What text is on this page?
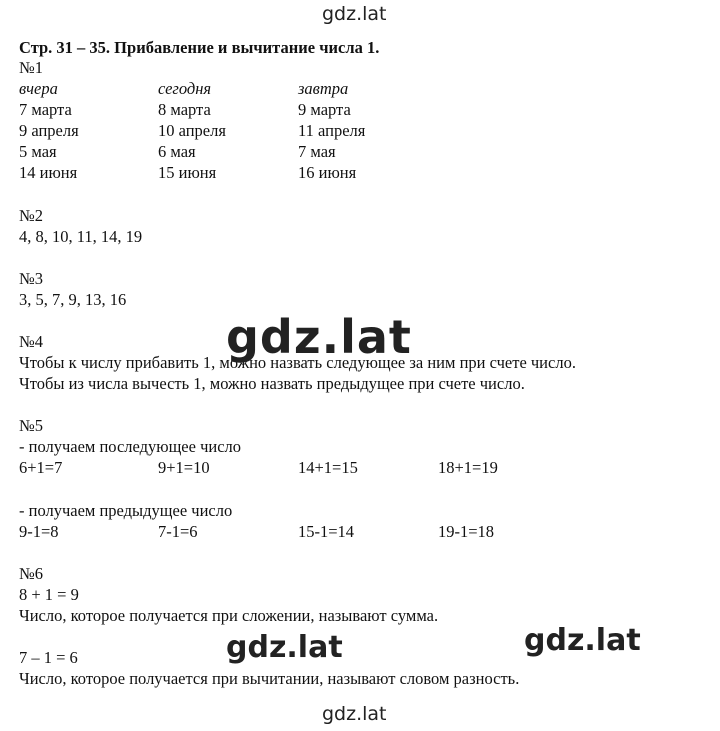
gdz.lat
Стр. 31 – 35. Прибавление и вычитание числа 1.
№1
вчера	сегодня	завтра
7 марта	8 марта	9 марта
9 апреля	10 апреля	11 апреля
5 мая	6 мая	7 мая
14 июня	15 июня	16 июня
№2
4, 8, 10, 11, 14, 19
№3
3, 5, 7, 9, 13, 16
№4
Чтобы к числу прибавить 1, можно назвать следующее за ним при счете число.
Чтобы из числа вычесть 1, можно назвать предыдущее при счете число.
gdz.lat
№5
- получаем последующее число
6+1=7	9+1=10	14+1=15	18+1=19
- получаем предыдущее число
9-1=8	7-1=6	15-1=14	19-1=18
№6
8 + 1 = 9
Число, которое получается при сложении, называют сумма.
gdz.lat	gdz.lat
7 – 1 = 6
Число, которое получается при вычитании, называют словом разность.
gdz.lat
